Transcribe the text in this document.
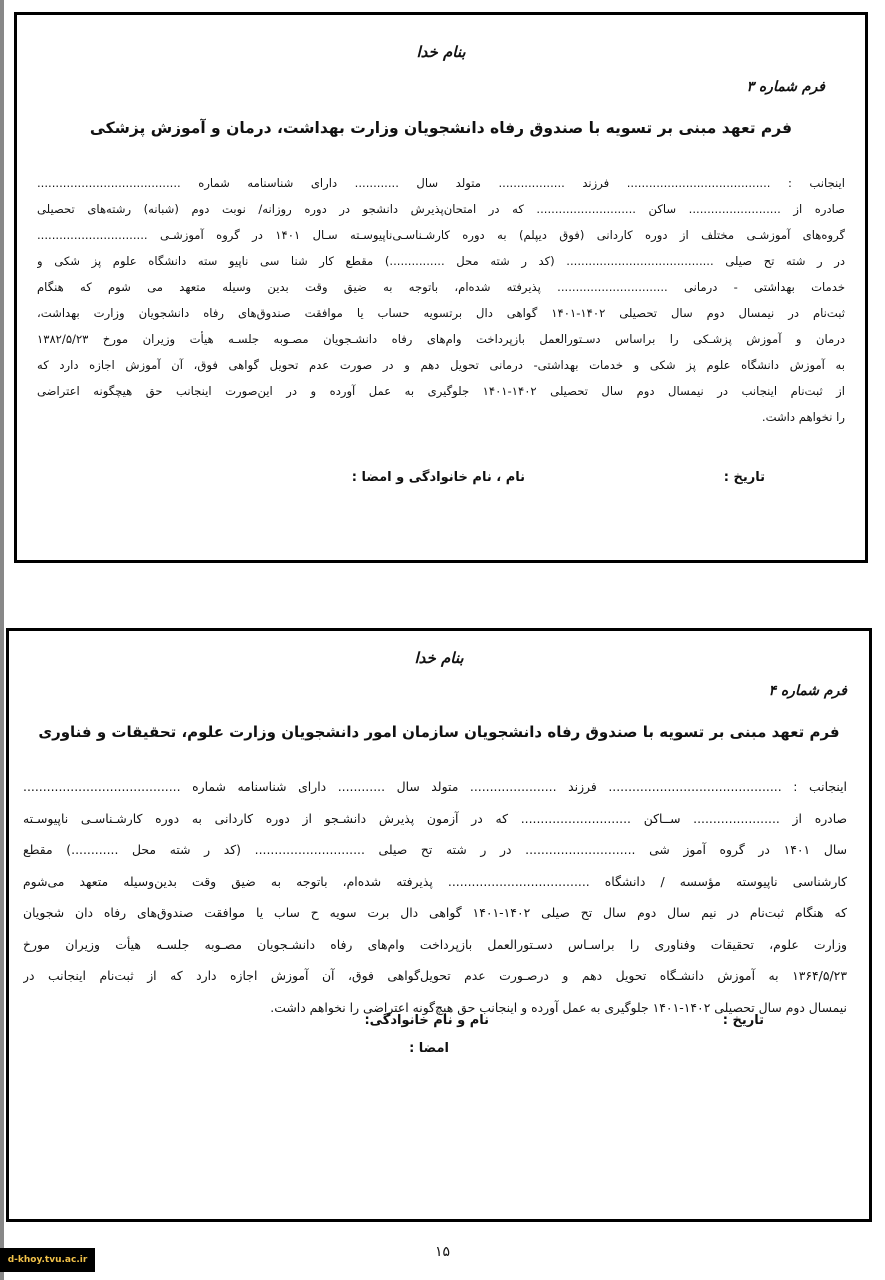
بنام خدا
فرم شماره ۳
فرم تعهد مبنی بر تسویه با صندوق رفاه دانشجویان وزارت بهداشت، درمان و آموزش پزشکی
اینجانب : ....................................... فرزند .................. متولد سال ............ دارای شناسنامه شماره .......................................
صادره از ......................... ساکن ........................... که در امتحان‌پذیرش دانشجو در دوره روزانه/ نوبت دوم (شبانه) رشته‌های تحصیلی
گروه‌های آموزشـی مختلف از دوره کاردانی (فوق دیپلم) به دوره کارشـناسـی‌ناپیوسـته سـال ۱۴۰۱ در گروه آموزشـی ..............................
در ر شته تح صیلی ........................................ (کد ر شته محل ...............) مقطع کار شنا سی ناپیو سته دانشگاه علوم پز شکی و
خدمات بهداشتی - درمانی .............................. پذیرفته شده‌ام، باتوجه به ضیق وقت بدین وسیله متعهد می شوم که هنگام
ثبت‌نام در نیمسال دوم سال تحصیلی ۱۴۰۲-۱۴۰۱ گواهی دال برتسویه حساب یا موافقت صندوق‌های رفاه دانشجویان وزارت بهداشت،
درمان و آموزش پزشـکی را براساس دسـتورالعمل بازپرداخت وام‌های رفاه دانشـجویان مصـوبه جلسـه هیأت وزیران مورخ ۱۳۸۲/۵/۲۳
به آموزش دانشگاه علوم پز شکی و خدمات بهداشتی- درمانی تحویل دهم و در صورت عدم تحویل گواهی فوق، آن آموزش اجازه دارد که
از ثبت‌نام اینجانب در نیمسال دوم سال تحصیلی ۱۴۰۲-۱۴۰۱ جلوگیری به عمل آورده و در این‌صورت اینجانب حق هیچگونه اعتراضی
را نخواهم داشت.
تاریخ :
نام ، نام خانوادگی و امضا :
بنام خدا
فرم شماره ۴
فرم تعهد مبنی بر تسویه با صندوق رفاه دانشجویان سازمان امور دانشجویان وزارت علوم، تحقیقات و فناوری
اینجانب : ............................................ فرزند ...................... متولد سال ............ دارای شناسنامه شماره ........................................
صادره از ...................... ســاکن ............................ که در آزمون پذیرش دانشـجو از دوره کاردانی به دوره کارشـناسـی ناپیوسـته
سال ۱۴۰۱ در گروه آموز شی ............................ در ر شته تح صیلی ............................ (کد ر شته محل ............) مقطع
کارشناسی ناپیوسته مؤسسه / دانشگاه .................................... پذیرفته شده‌ام، باتوجه به ضیق وقت بدین‌وسیله متعهد می‌شوم
که هنگام ثبت‌نام در نیم سال دوم سال تح صیلی ۱۴۰۲-۱۴۰۱ گواهی دال برت سویه ح ساب یا موافقت صندوق‌های رفاه دان شجویان
وزارت علوم، تحقیقات وفناوری را براسـاس دسـتورالعمل بازپرداخت وام‌های رفاه دانشـجویان مصـوبه جلسـه هیأت وزیران مورخ
۱۳۶۴/۵/۲۳ به آموزش دانشـگاه تحویل دهم و درصـورت عدم تحویل‌گواهی فوق، آن آموزش اجازه دارد که از ثبت‌نام اینجانب در
نیمسال دوم سال تحصیلی ۱۴۰۲-۱۴۰۱ جلوگیری به عمل آورده و اینجانب حق هیچ‌گونه اعتراضی را نخواهم داشت.
تاریخ :
نام و نام خانوادگی:
امضا :
۱۵
d-khoy.tvu.ac.ir
